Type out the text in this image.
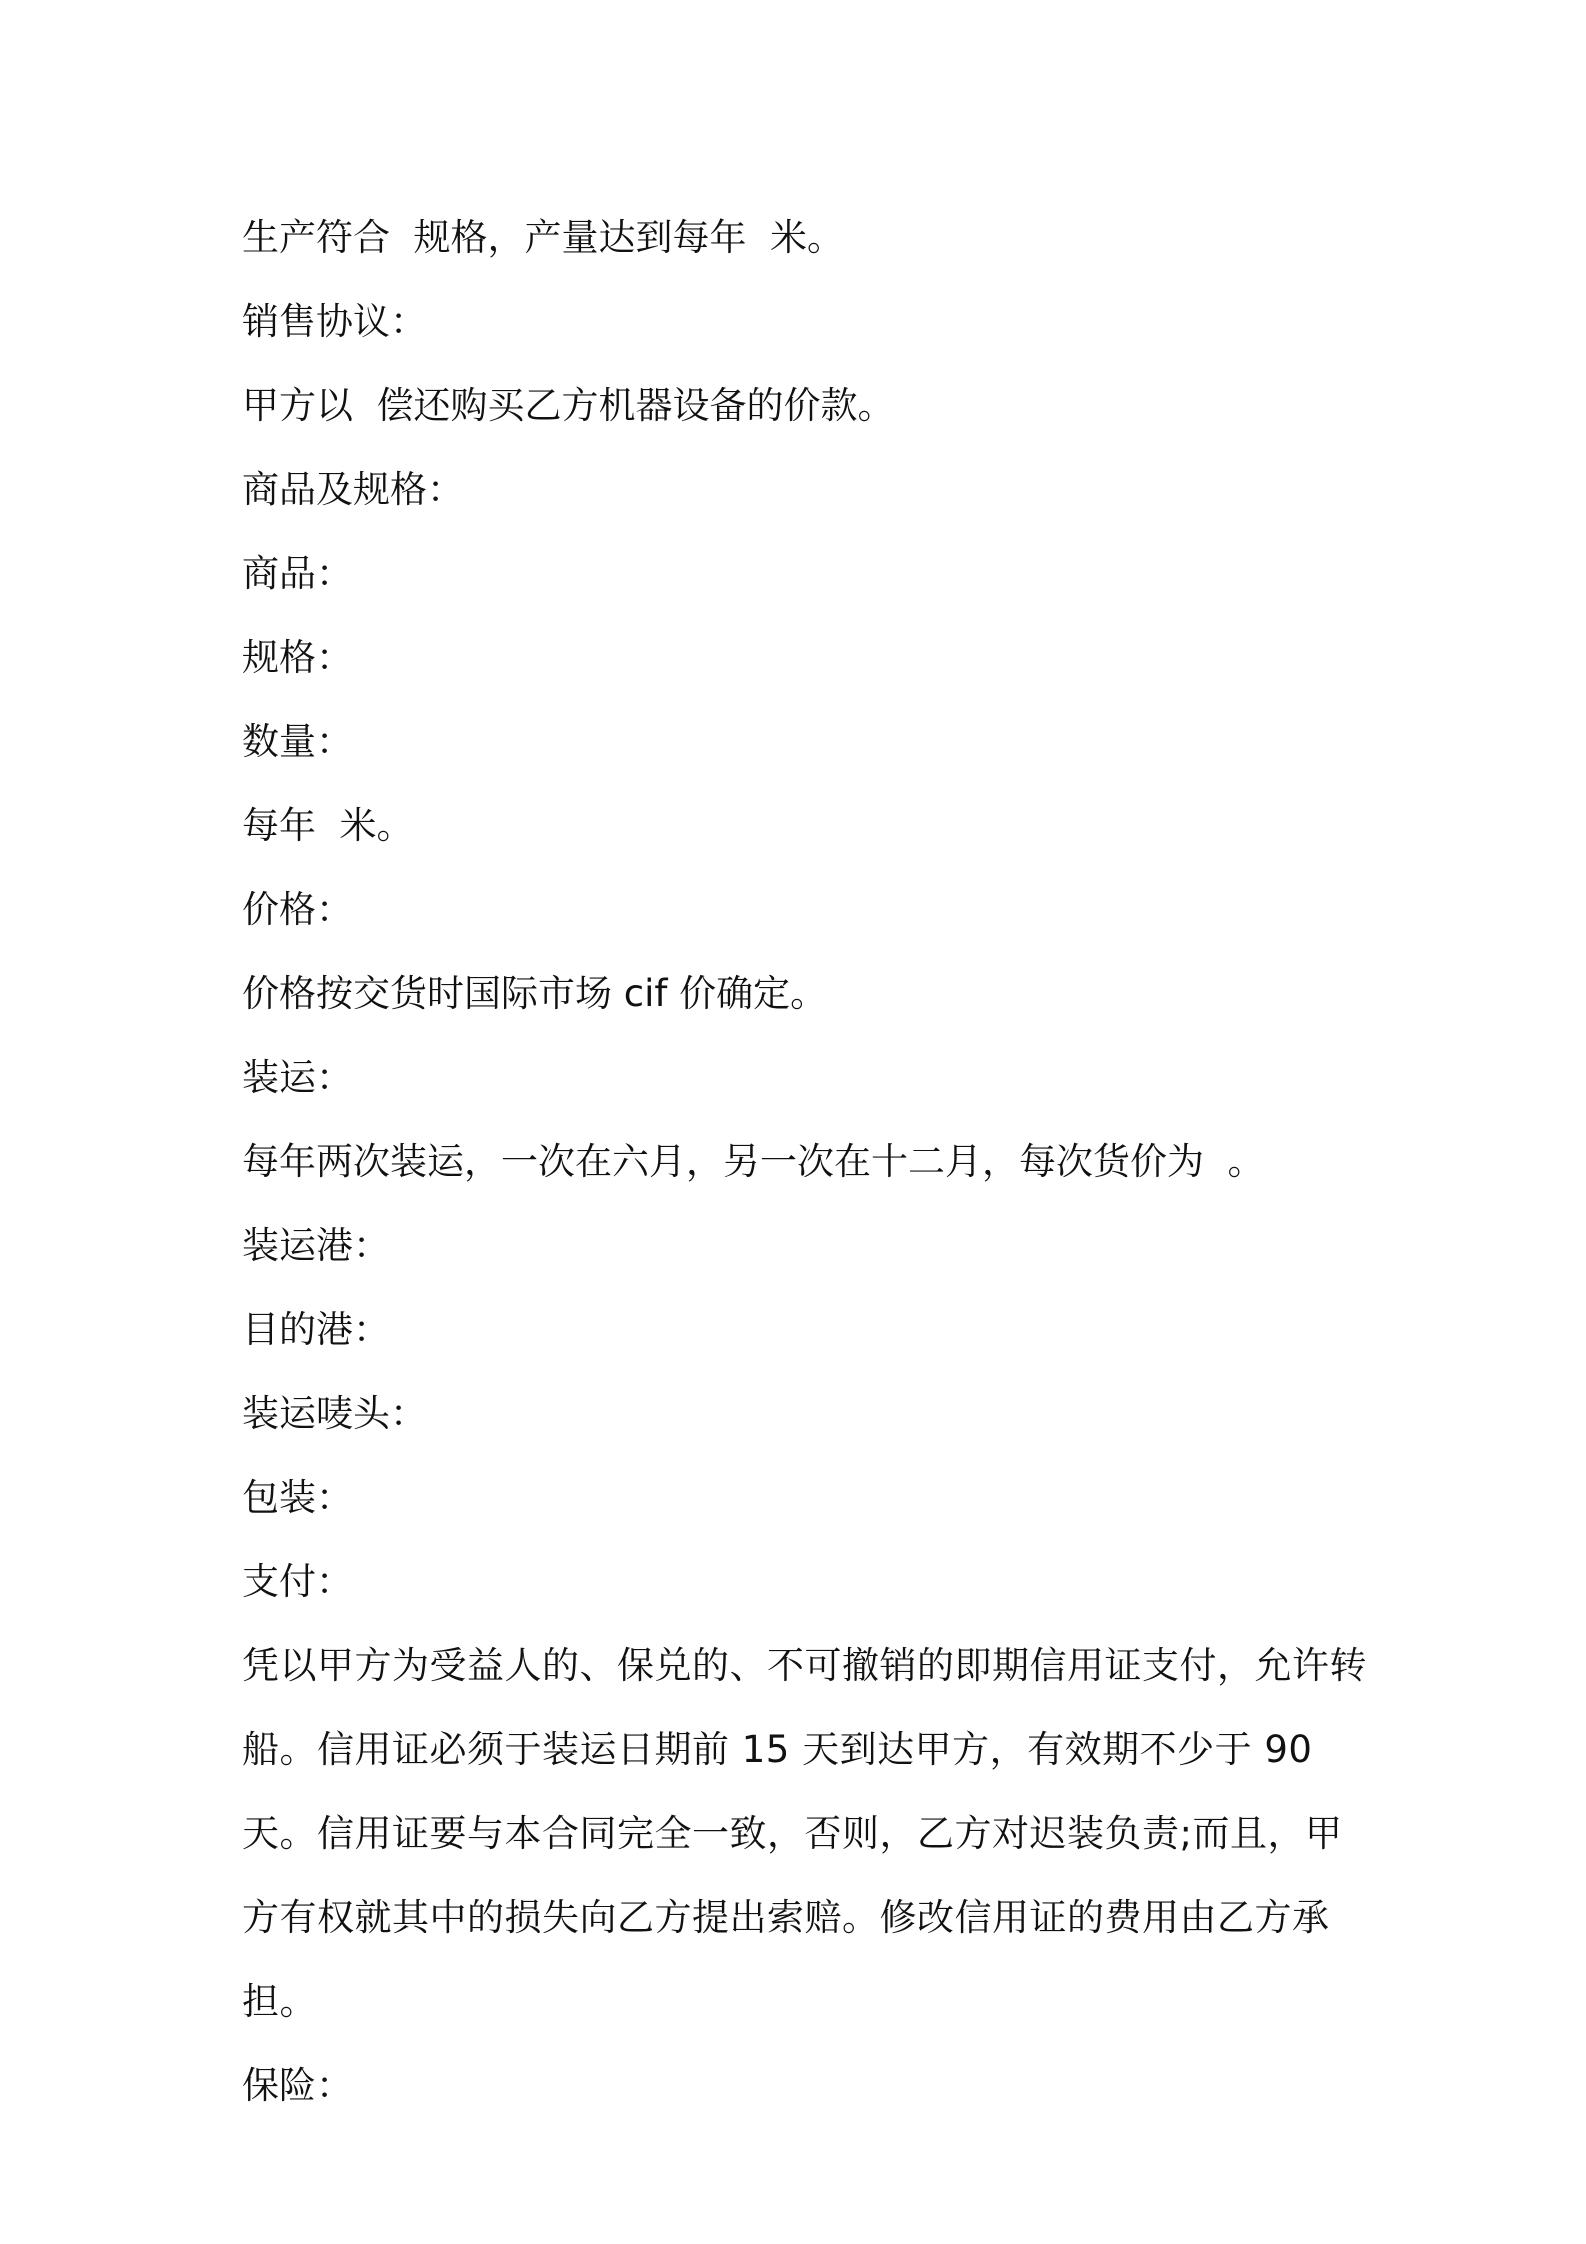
生产符合  规格，产量达到每年  米。

销售协议：

甲方以  偿还购买乙方机器设备的价款。

商品及规格：

商品：

规格：

数量：

每年  米。

价格：

价格按交货时国际市场 cif 价确定。

装运：

每年两次装运，一次在六月，另一次在十二月，每次货价为  。

装运港：

目的港：

装运唛头：

包装：

支付：

凭以甲方为受益人的、保兑的、不可撤销的即期信用证支付，允许转船。信用证必须于装运日期前 15 天到达甲方，有效期不少于 90 天。信用证要与本合同完全一致，否则，乙方对迟装负责;而且，甲方有权就其中的损失向乙方提出索赔。修改信用证的费用由乙方承担。

保险：
